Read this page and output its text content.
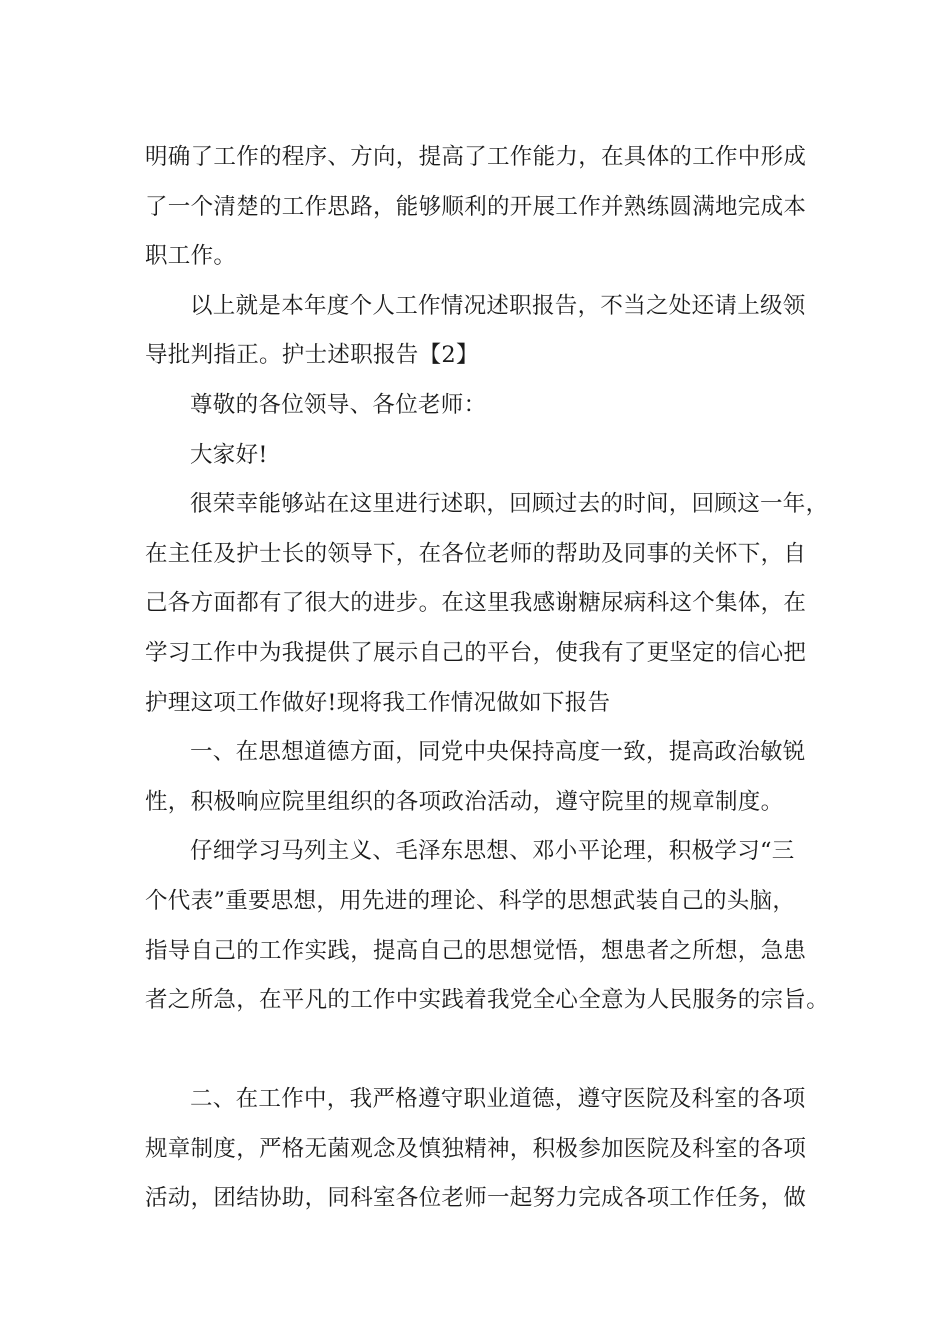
明确了工作的程序、方向，提高了工作能力，在具体的工作中形成
了一个清楚的工作思路，能够顺利的开展工作并熟练圆满地完成本
职工作。
以上就是本年度个人工作情况述职报告，不当之处还请上级领
导批判指正。护士述职报告【2】
尊敬的各位领导、各位老师：
大家好!
很荣幸能够站在这里进行述职，回顾过去的时间，回顾这一年，
在主任及护士长的领导下，在各位老师的帮助及同事的关怀下，自
己各方面都有了很大的进步。在这里我感谢糖尿病科这个集体，在
学习工作中为我提供了展示自己的平台，使我有了更坚定的信心把
护理这项工作做好!现将我工作情况做如下报告
一、在思想道德方面，同党中央保持高度一致，提高政治敏锐
性，积极响应院里组织的各项政治活动，遵守院里的规章制度。
仔细学习马列主义、毛泽东思想、邓小平论理，积极学习“三
个代表”重要思想，用先进的理论、科学的思想武装自己的头脑，
指导自己的工作实践，提高自己的思想觉悟，想患者之所想，急患
者之所急，在平凡的工作中实践着我党全心全意为人民服务的宗旨。
二、在工作中，我严格遵守职业道德，遵守医院及科室的各项
规章制度，严格无菌观念及慎独精神，积极参加医院及科室的各项
活动，团结协助，同科室各位老师一起努力完成各项工作任务，做
